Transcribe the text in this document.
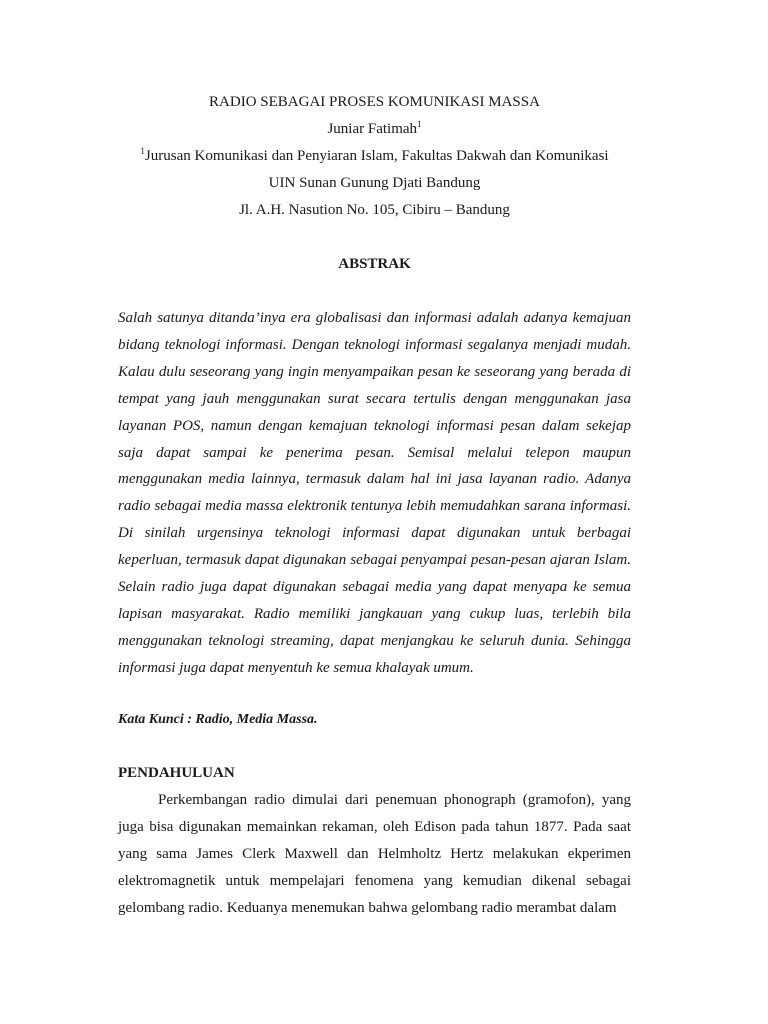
RADIO SEBAGAI PROSES KOMUNIKASI MASSA

Juniar Fatimah$^1$

$^1$Jurusan Komunikasi dan Penyiaran Islam, Fakultas Dakwah dan Komunikasi

UIN Sunan Gunung Djati Bandung

Jl. A.H. Nasution No. 105, Cibiru – Bandung

ABSTRAK

Salah satunya ditanda’inya era globalisasi dan informasi adalah adanya kemajuan bidang teknologi informasi. Dengan teknologi informasi segalanya menjadi mudah. Kalau dulu seseorang yang ingin menyampaikan pesan ke seseorang yang berada di tempat yang jauh menggunakan surat secara tertulis dengan menggunakan jasa layanan POS, namun dengan kemajuan teknologi informasi pesan dalam sekejap saja dapat sampai ke penerima pesan. Semisal melalui telepon maupun menggunakan media lainnya, termasuk dalam hal ini jasa layanan radio. Adanya radio sebagai media massa elektronik tentunya lebih memudahkan sarana informasi. Di sinilah urgensinya teknologi informasi dapat digunakan untuk berbagai keperluan, termasuk dapat digunakan sebagai penyampai pesan-pesan ajaran Islam. Selain radio juga dapat digunakan sebagai media yang dapat menyapa ke semua lapisan masyarakat. Radio memiliki jangkauan yang cukup luas, terlebih bila menggunakan teknologi streaming, dapat menjangkau ke seluruh dunia. Sehingga informasi juga dapat menyentuh ke semua khalayak umum.

Kata Kunci : Radio, Media Massa.

PENDAHULUAN

Perkembangan radio dimulai dari penemuan phonograph (gramofon), yang juga bisa digunakan memainkan rekaman, oleh Edison pada tahun 1877. Pada saat yang sama James Clerk Maxwell dan Helmholtz Hertz melakukan ekperimen elektromagnetik untuk mempelajari fenomena yang kemudian dikenal sebagai gelombang radio. Keduanya menemukan bahwa gelombang radio merambat dalam
